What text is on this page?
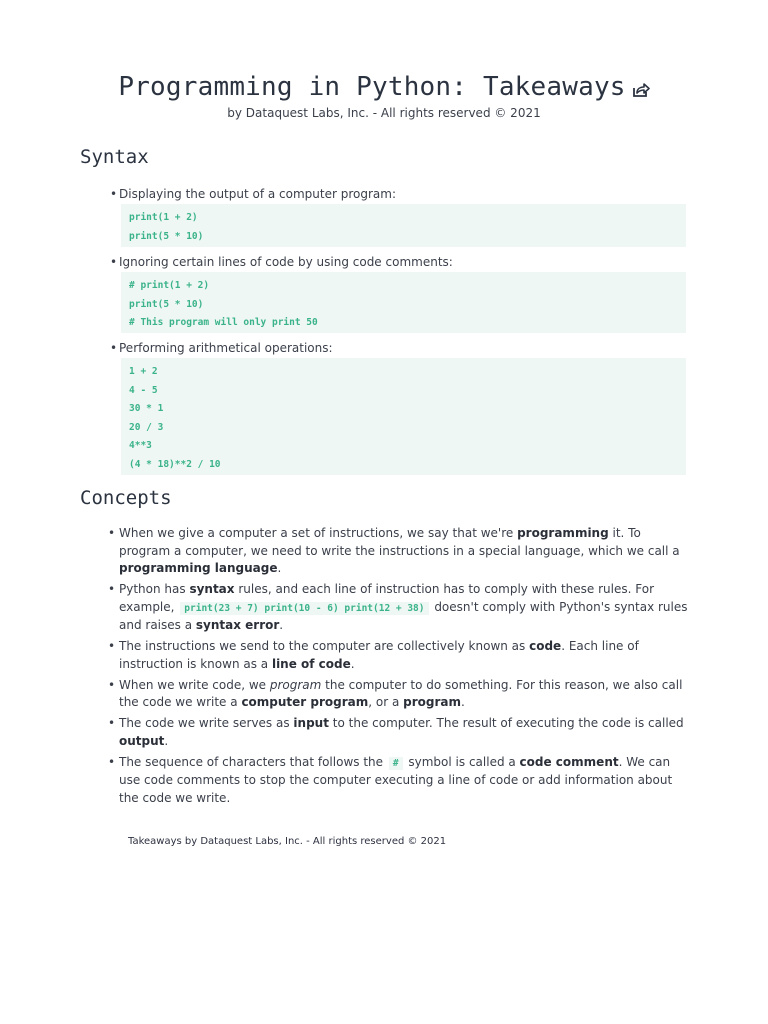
Programming in Python: Takeaways
by Dataquest Labs, Inc. - All rights reserved © 2021
Syntax
• Displaying the output of a computer program:
print(1 + 2)
print(5 * 10)
• Ignoring certain lines of code by using code comments:
# print(1 + 2)
print(5 * 10)
# This program will only print 50
• Performing arithmetical operations:
1 + 2
4 - 5
30 * 1
20 / 3
4**3
(4 * 18)**2 / 10
Concepts
• When we give a computer a set of instructions, we say that we're programming it. To program a computer, we need to write the instructions in a special language, which we call a programming language.
• Python has syntax rules, and each line of instruction has to comply with these rules. For example, print(23 + 7) print(10 - 6) print(12 + 38) doesn't comply with Python's syntax rules and raises a syntax error.
• The instructions we send to the computer are collectively known as code. Each line of instruction is known as a line of code.
• When we write code, we program the computer to do something. For this reason, we also call the code we write a computer program, or a program.
• The code we write serves as input to the computer. The result of executing the code is called output.
• The sequence of characters that follows the # symbol is called a code comment. We can use code comments to stop the computer executing a line of code or add information about the code we write.
Takeaways by Dataquest Labs, Inc. - All rights reserved © 2021
